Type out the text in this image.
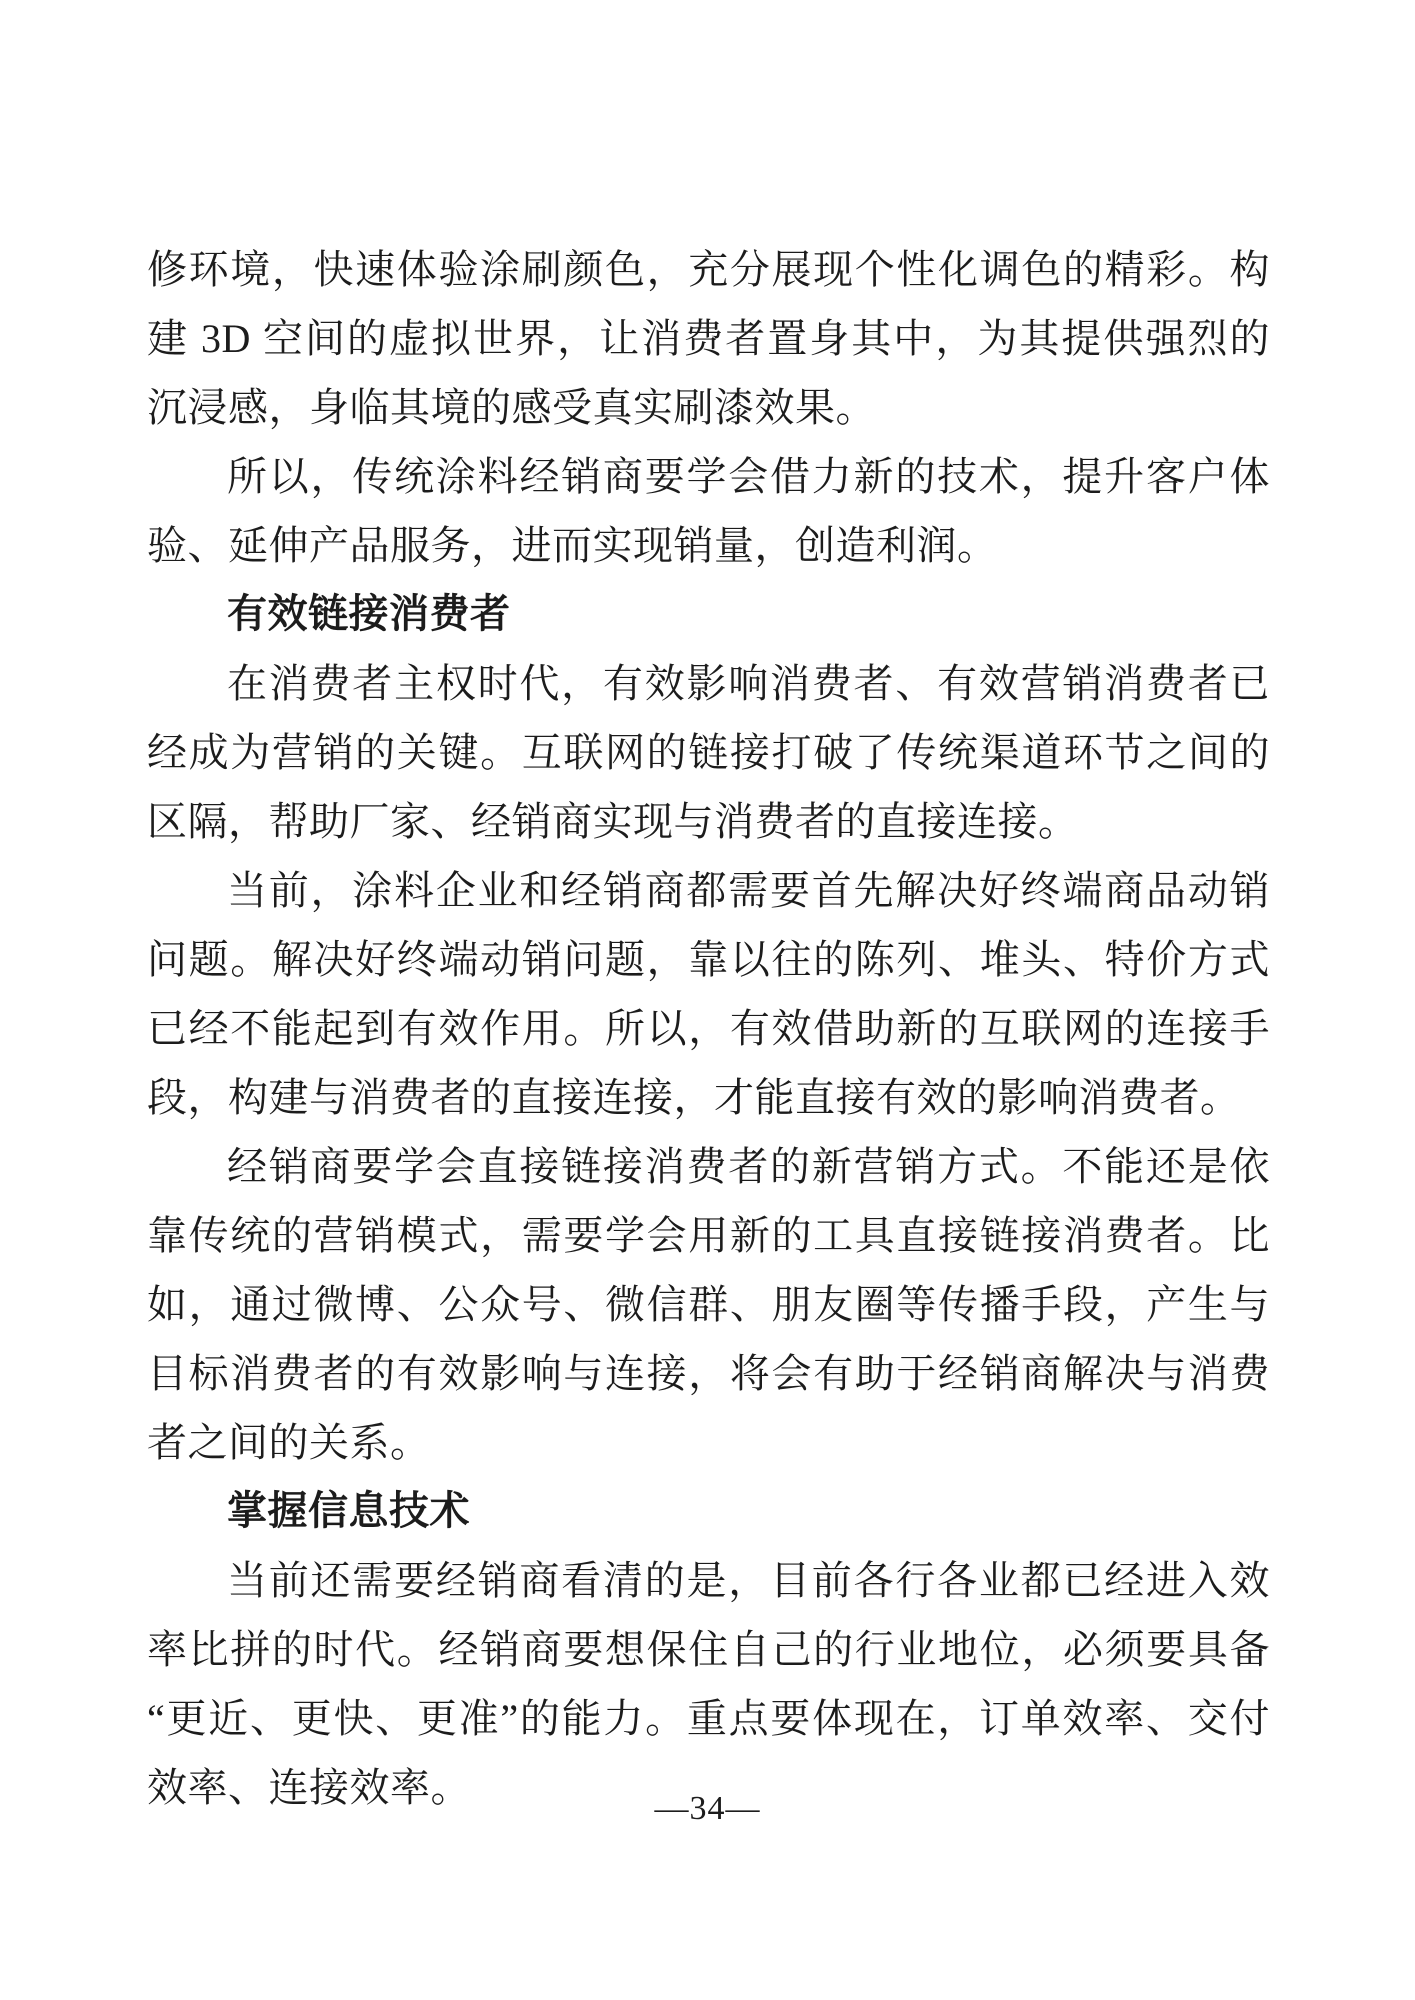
修环境，快速体验涂刷颜色，充分展现个性化调色的精彩。构建 3D 空间的虚拟世界，让消费者置身其中，为其提供强烈的沉浸感，身临其境的感受真实刷漆效果。
所以，传统涂料经销商要学会借力新的技术，提升客户体验、延伸产品服务，进而实现销量，创造利润。
有效链接消费者
在消费者主权时代，有效影响消费者、有效营销消费者已经成为营销的关键。互联网的链接打破了传统渠道环节之间的区隔，帮助厂家、经销商实现与消费者的直接连接。
当前，涂料企业和经销商都需要首先解决好终端商品动销问题。解决好终端动销问题，靠以往的陈列、堆头、特价方式已经不能起到有效作用。所以，有效借助新的互联网的连接手段，构建与消费者的直接连接，才能直接有效的影响消费者。
经销商要学会直接链接消费者的新营销方式。不能还是依靠传统的营销模式，需要学会用新的工具直接链接消费者。比如，通过微博、公众号、微信群、朋友圈等传播手段，产生与目标消费者的有效影响与连接，将会有助于经销商解决与消费者之间的关系。
掌握信息技术
当前还需要经销商看清的是，目前各行各业都已经进入效率比拼的时代。经销商要想保住自己的行业地位，必须要具备“更近、更快、更准”的能力。重点要体现在，订单效率、交付效率、连接效率。	—34—
